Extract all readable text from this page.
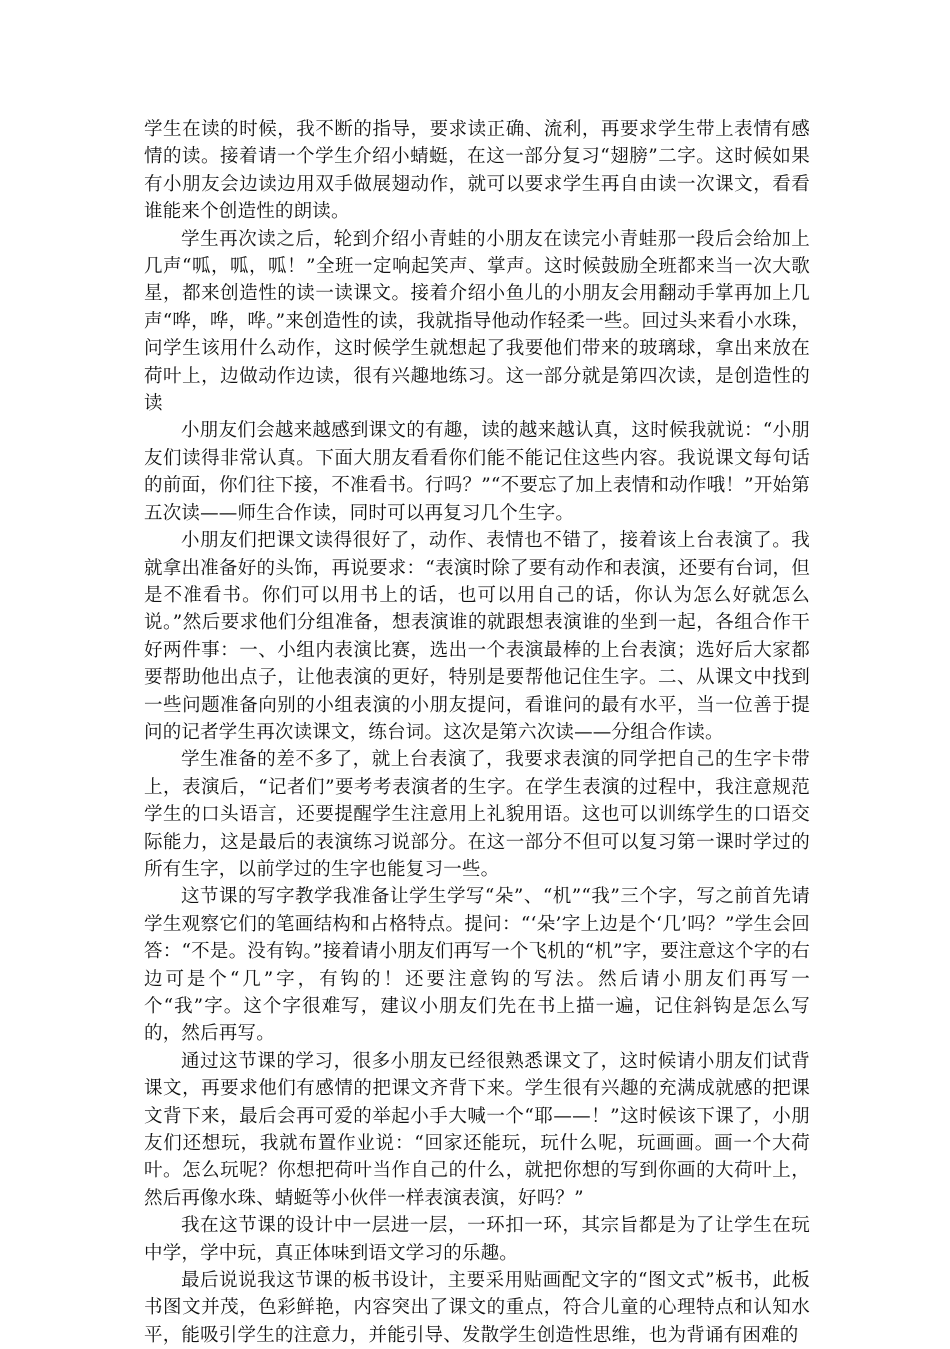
学生在读的时候，我不断的指导，要求读正确、流利，再要求学生带上表情有感情的读。接着请一个学生介绍小蜻蜓，在这一部分复习“翅膀”二字。这时候如果有小朋友会边读边用双手做展翅动作，就可以要求学生再自由读一次课文，看看谁能来个创造性的朗读。

学生再次读之后，轮到介绍小青蛙的小朋友在读完小青蛙那一段后会给加上几声“呱，呱，呱！”全班一定响起笑声、掌声。这时候鼓励全班都来当一次大歌星，都来创造性的读一读课文。接着介绍小鱼儿的小朋友会用翻动手掌再加上几声“哗，哗，哗。”来创造性的读，我就指导他动作轻柔一些。回过头来看小水珠，问学生该用什么动作，这时候学生就想起了我要他们带来的玻璃球，拿出来放在荷叶上，边做动作边读，很有兴趣地练习。这一部分就是第四次读，是创造性的读

小朋友们会越来越感到课文的有趣，读的越来越认真，这时候我就说：“小朋友们读得非常认真。下面大朋友看看你们能不能记住这些内容。我说课文每句话的前面，你们往下接，不准看书。行吗？”“不要忘了加上表情和动作哦！”开始第五次读——师生合作读，同时可以再复习几个生字。

小朋友们把课文读得很好了，动作、表情也不错了，接着该上台表演了。我就拿出准备好的头饰，再说要求：“表演时除了要有动作和表演，还要有台词，但是不准看书。你们可以用书上的话，也可以用自己的话，你认为怎么好就怎么说。”然后要求他们分组准备，想表演谁的就跟想表演谁的坐到一起，各组合作干好两件事：一、小组内表演比赛，选出一个表演最棒的上台表演；选好后大家都要帮助他出点子，让他表演的更好，特别是要帮他记住生字。二、从课文中找到一些问题准备向别的小组表演的小朋友提问，看谁问的最有水平，当一位善于提问的记者学生再次读课文，练台词。这次是第六次读——分组合作读。

学生准备的差不多了，就上台表演了，我要求表演的同学把自己的生字卡带上，表演后，“记者们”要考考表演者的生字。在学生表演的过程中，我注意规范学生的口头语言，还要提醒学生注意用上礼貌用语。这也可以训练学生的口语交际能力，这是最后的表演练习说部分。在这一部分不但可以复习第一课时学过的所有生字，以前学过的生字也能复习一些。

这节课的写字教学我准备让学生学写“朵”、“机”“我”三个字，写之前首先请学生观察它们的笔画结构和占格特点。提问：“‘朵’字上边是个‘几’吗？”学生会回答：“不是。没有钩。”接着请小朋友们再写一个飞机的“机”字，要注意这个字的右边可是个“几”字，有钩的！还要注意钩的写法。然后请小朋友们再写一个“我”字。这个字很难写，建议小朋友们先在书上描一遍，记住斜钩是怎么写的，然后再写。

通过这节课的学习，很多小朋友已经很熟悉课文了，这时候请小朋友们试背课文，再要求他们有感情的把课文齐背下来。学生很有兴趣的充满成就感的把课文背下来，最后会再可爱的举起小手大喊一个“耶——！”这时候该下课了，小朋友们还想玩，我就布置作业说：“回家还能玩，玩什么呢，玩画画。画一个大荷叶。怎么玩呢？你想把荷叶当作自己的什么，就把你想的写到你画的大荷叶上，然后再像水珠、蜻蜓等小伙伴一样表演表演，好吗？”

我在这节课的设计中一层进一层，一环扣一环，其宗旨都是为了让学生在玩中学，学中玩，真正体味到语文学习的乐趣。

最后说说我这节课的板书设计，主要采用贴画配文字的“图文式”板书，此板书图文并茂，色彩鲜艳，内容突出了课文的重点，符合儿童的心理特点和认知水平，能吸引学生的注意力，并能引导、发散学生创造性思维，也为背诵有困难的
